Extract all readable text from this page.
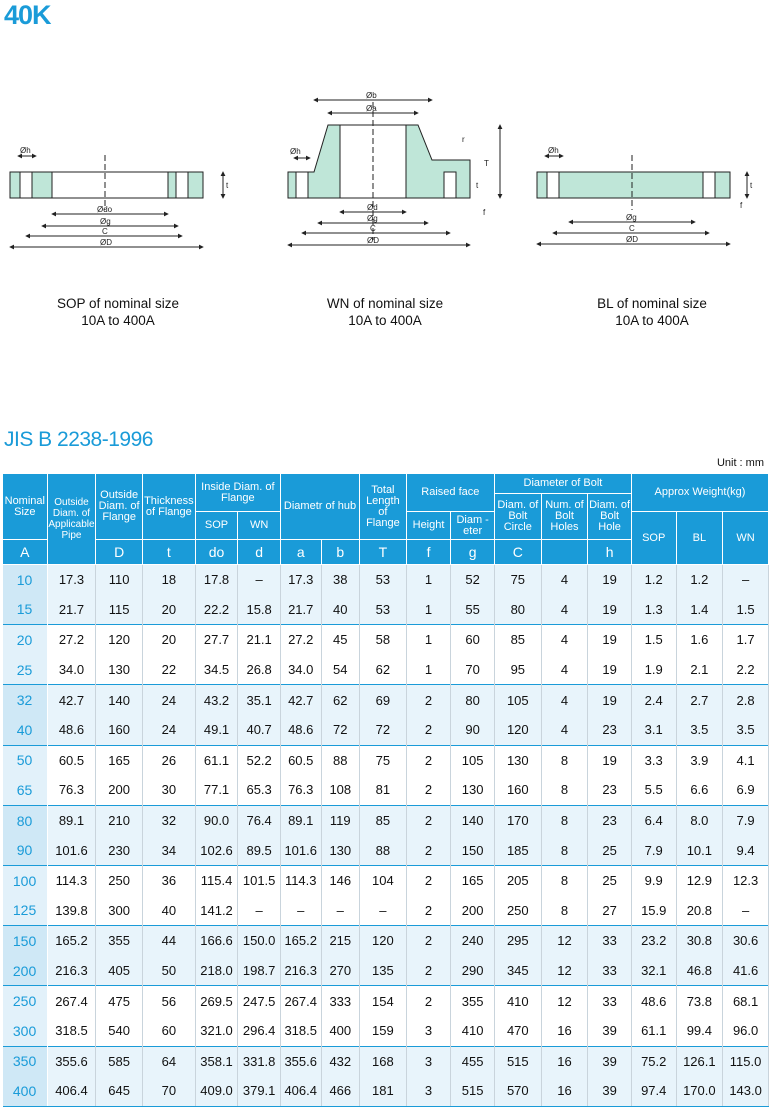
40K
Øh
Ødo
Øg
C
ØD
t
Øb
Øa
Øh
r
T
t
f
Ød
Øg
C
ØD
Øh
Øg
C
ØD
t
f
SOP of nominal size
10A to 400A
WN of nominal size
10A to 400A
BL of nominal size
10A to 400A
JIS B 2238-1996
Unit : mm
Nominal Size	Outside Diam. of Applicable Pipe	Outside Diam. of Flange	Thickness of Flange	Inside Diam. of Flange		Diametr of hub		Total Length of Flange	Raised face		Diameter of Bolt			Approx Weight(kg)		
											Diam. of Bolt Circle	Num. of Bolt Holes	Diam. of Bolt Hole			
				SOP	WN				Height	Diam -eter				SOP	BL	WN
A		D	t	do	d	a	b	T	f	g	C		h			
10	17.3	110	18	17.8	–	17.3	38	53	1	52	75	4	19	1.2	1.2	–
15	21.7	115	20	22.2	15.8	21.7	40	53	1	55	80	4	19	1.3	1.4	1.5
20	27.2	120	20	27.7	21.1	27.2	45	58	1	60	85	4	19	1.5	1.6	1.7
25	34.0	130	22	34.5	26.8	34.0	54	62	1	70	95	4	19	1.9	2.1	2.2
32	42.7	140	24	43.2	35.1	42.7	62	69	2	80	105	4	19	2.4	2.7	2.8
40	48.6	160	24	49.1	40.7	48.6	72	72	2	90	120	4	23	3.1	3.5	3.5
50	60.5	165	26	61.1	52.2	60.5	88	75	2	105	130	8	19	3.3	3.9	4.1
65	76.3	200	30	77.1	65.3	76.3	108	81	2	130	160	8	23	5.5	6.6	6.9
80	89.1	210	32	90.0	76.4	89.1	119	85	2	140	170	8	23	6.4	8.0	7.9
90	101.6	230	34	102.6	89.5	101.6	130	88	2	150	185	8	25	7.9	10.1	9.4
100	114.3	250	36	115.4	101.5	114.3	146	104	2	165	205	8	25	9.9	12.9	12.3
125	139.8	300	40	141.2	–	–	–	–	2	200	250	8	27	15.9	20.8	–
150	165.2	355	44	166.6	150.0	165.2	215	120	2	240	295	12	33	23.2	30.8	30.6
200	216.3	405	50	218.0	198.7	216.3	270	135	2	290	345	12	33	32.1	46.8	41.6
250	267.4	475	56	269.5	247.5	267.4	333	154	2	355	410	12	33	48.6	73.8	68.1
300	318.5	540	60	321.0	296.4	318.5	400	159	3	410	470	16	39	61.1	99.4	96.0
350	355.6	585	64	358.1	331.8	355.6	432	168	3	455	515	16	39	75.2	126.1	115.0
400	406.4	645	70	409.0	379.1	406.4	466	181	3	515	570	16	39	97.4	170.0	143.0
